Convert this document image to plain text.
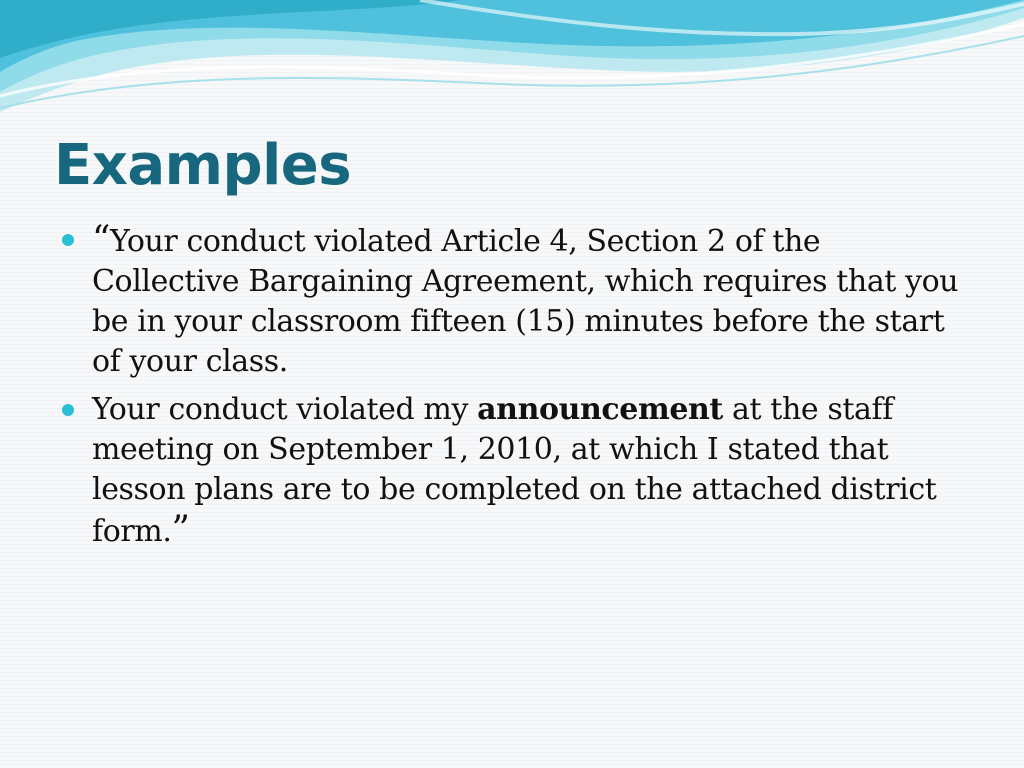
Examples
“Your conduct violated Article 4, Section 2 of the Collective Bargaining Agreement, which requires that you be in your classroom fifteen (15) minutes before the start of your class.
Your conduct violated my announcement at the staff meeting on September 1, 2010, at which I stated that lesson plans are to be completed on the attached district form.”
